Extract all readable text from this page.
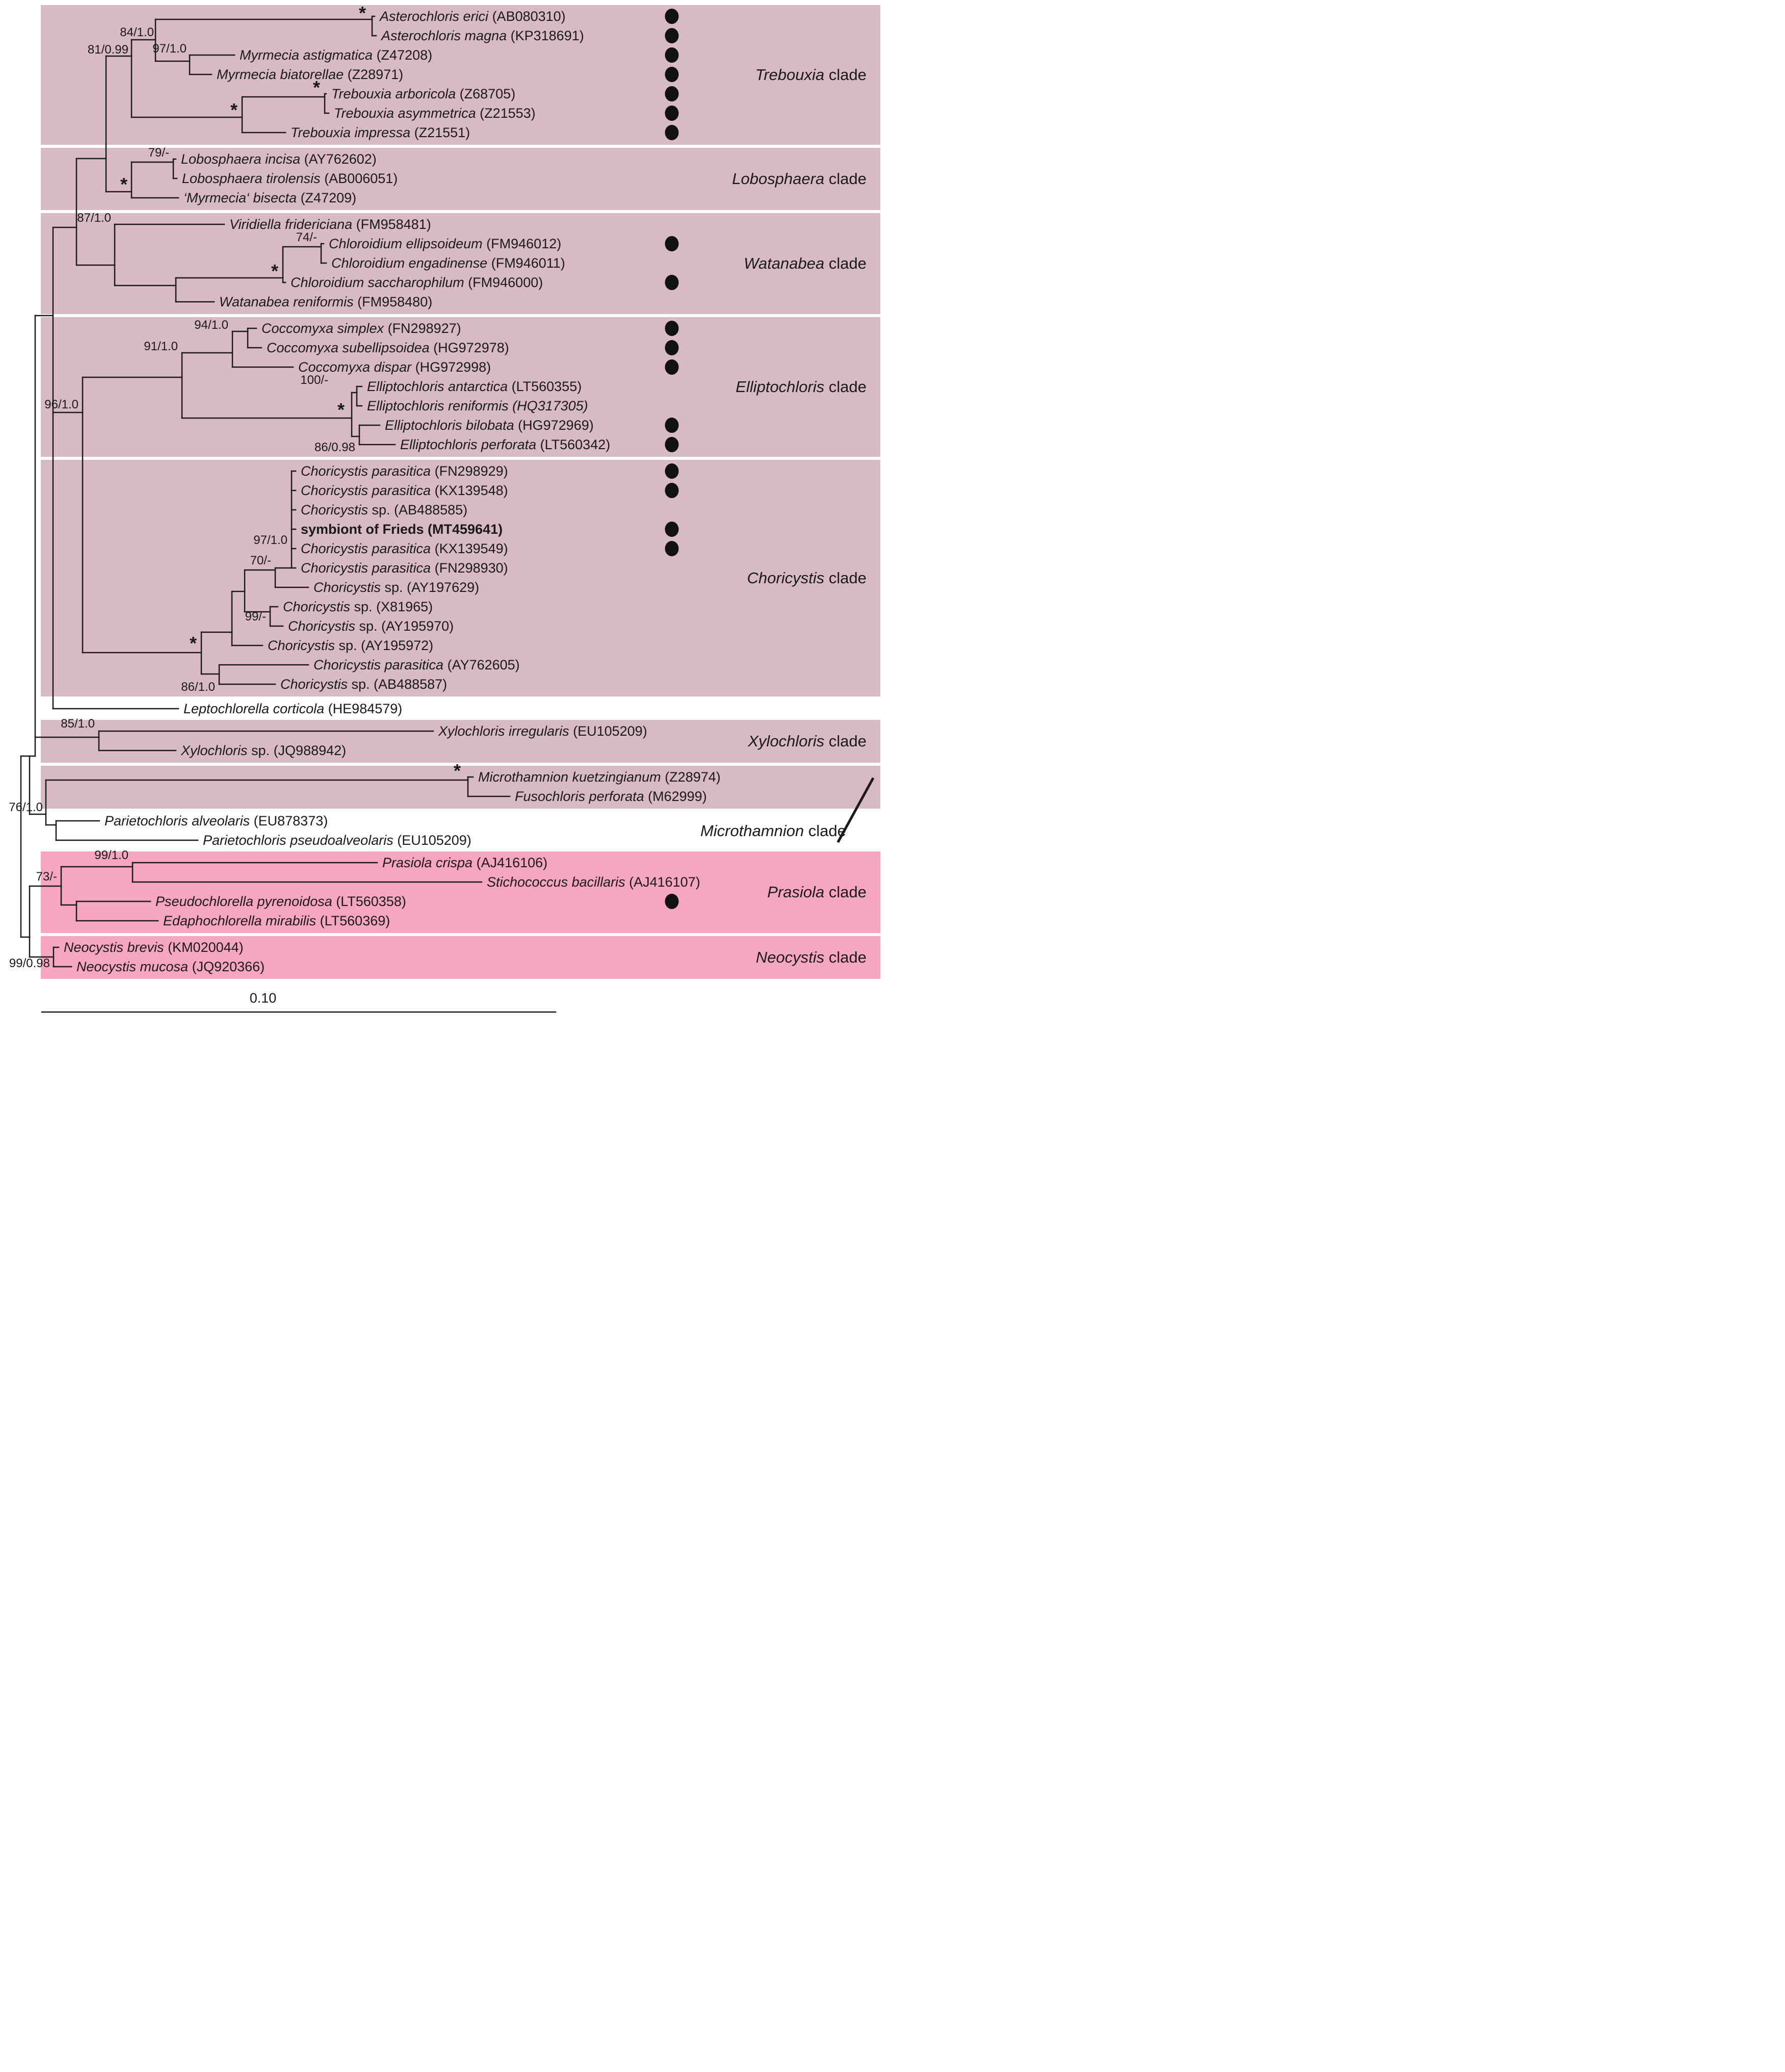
Asterochloris erici (AB080310)
Asterochloris magna (KP318691)
Myrmecia astigmatica (Z47208)
Myrmecia biatorellae (Z28971)
Trebouxia arboricola (Z68705)
Trebouxia asymmetrica (Z21553)
Trebouxia impressa (Z21551)
Lobosphaera incisa (AY762602)
Lobosphaera tirolensis (AB006051)
‘Myrmecia‘ bisecta (Z47209)
Viridiella fridericiana (FM958481)
Chloroidium ellipsoideum (FM946012)
Chloroidium engadinense (FM946011)
Chloroidium saccharophilum (FM946000)
Watanabea reniformis (FM958480)
Coccomyxa simplex (FN298927)
Coccomyxa subellipsoidea (HG972978)
Coccomyxa dispar (HG972998)
Elliptochloris antarctica (LT560355)
Elliptochloris reniformis (HQ317305)
Elliptochloris bilobata (HG972969)
Elliptochloris perforata (LT560342)
Choricystis parasitica (FN298929)
Choricystis parasitica (KX139548)
Choricystis sp. (AB488585)
symbiont of Frieds (MT459641)
Choricystis parasitica (KX139549)
Choricystis parasitica (FN298930)
Choricystis sp. (AY197629)
Choricystis sp. (X81965)
Choricystis sp. (AY195970)
Choricystis sp. (AY195972)
Choricystis parasitica (AY762605)
Choricystis sp. (AB488587)
Leptochlorella corticola (HE984579)
Xylochloris irregularis (EU105209)
Xylochloris sp. (JQ988942)
Microthamnion kuetzingianum (Z28974)
Fusochloris perforata (M62999)
Parietochloris alveolaris (EU878373)
Parietochloris pseudoalveolaris (EU105209)
Prasiola crispa (AJ416106)
Stichococcus bacillaris (AJ416107)
Pseudochlorella pyrenoidosa (LT560358)
Edaphochlorella mirabilis (LT560369)
Neocystis brevis (KM020044)
Neocystis mucosa (JQ920366)
*
84/1.0
97/1.0
81/0.99
*
*
79/-
*
87/1.0
74/-
*
94/1.0
91/1.0
100/-
*
86/0.98
96/1.0
97/1.0
70/-
99/-
*
86/1.0
85/1.0
*
76/1.0
99/1.0
73/-
99/0.98
Trebouxia clade
Lobosphaera clade
Watanabea clade
Elliptochloris clade
Choricystis clade
Xylochloris clade
Microthamnion clade
Prasiola clade
Neocystis clade
0.10
